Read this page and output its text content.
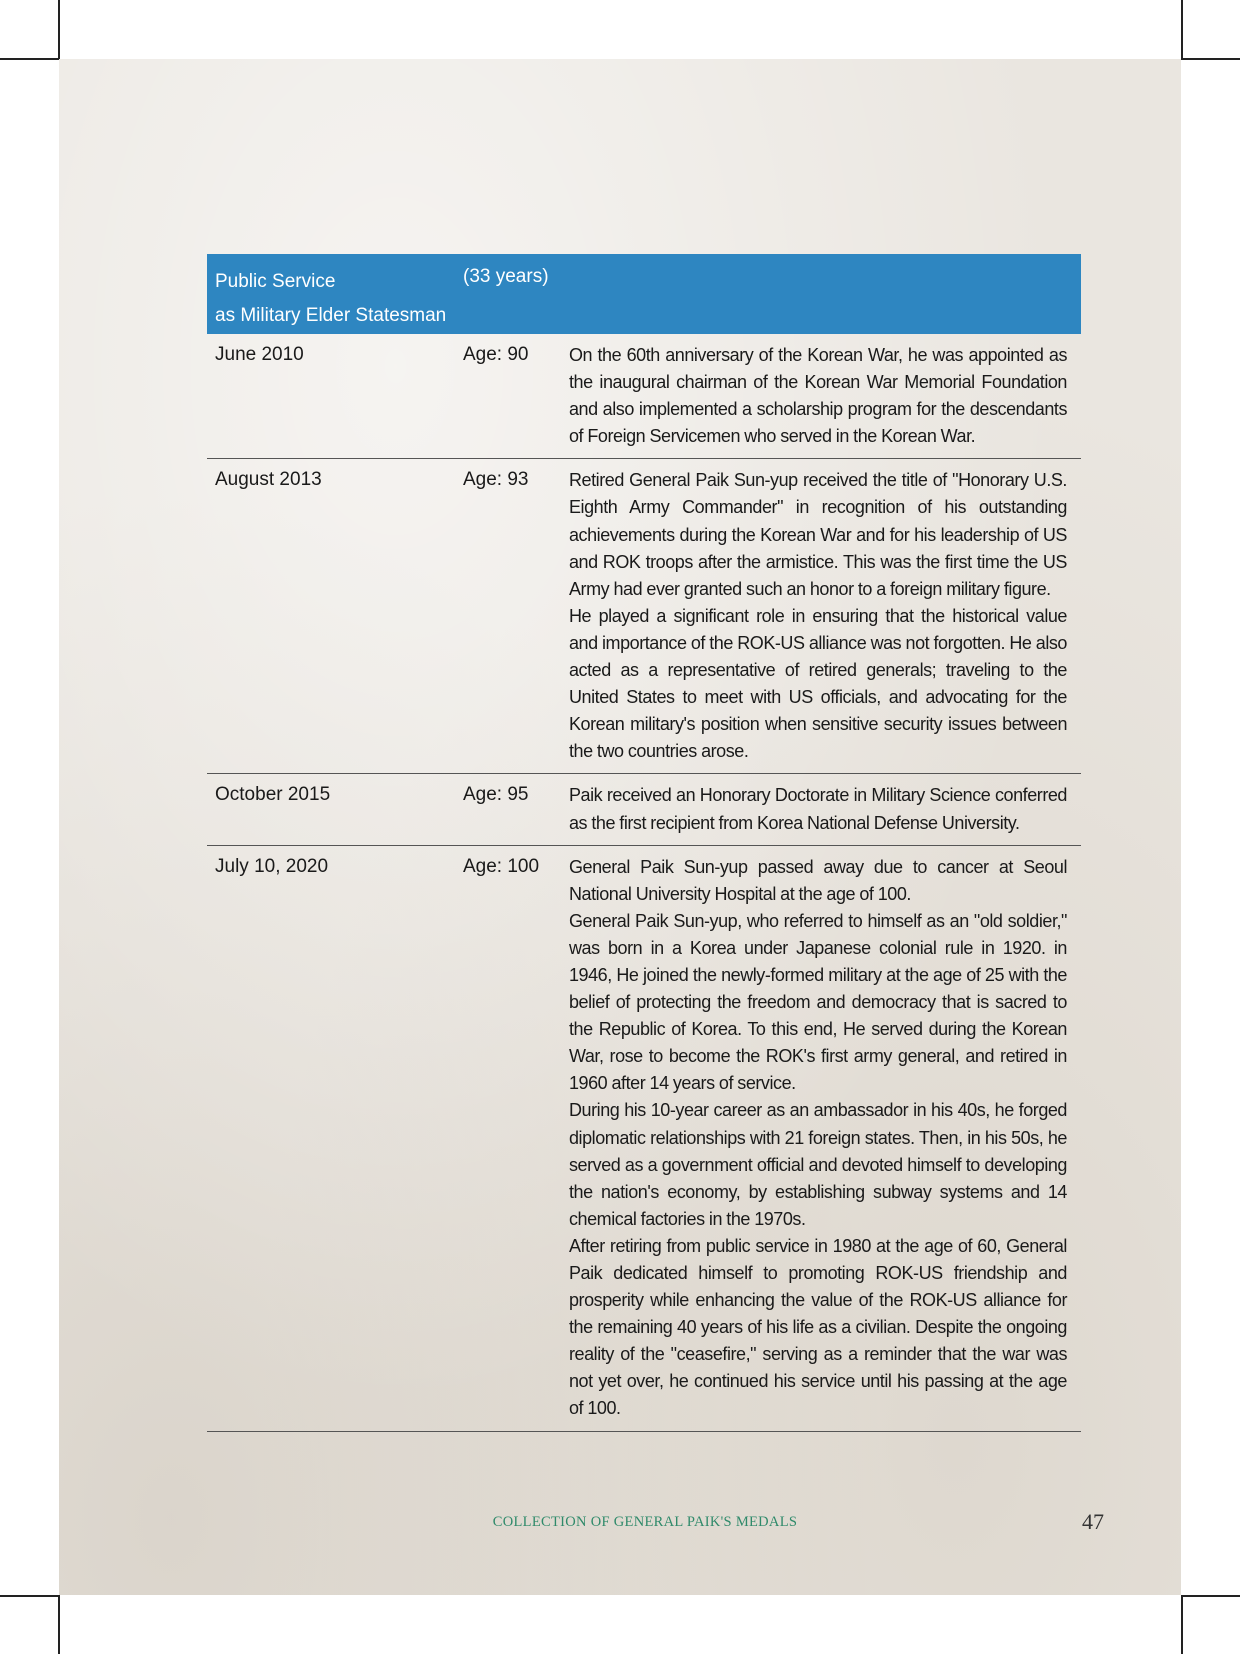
Public Service
as Military Elder Statesman
(33 years)
June 2010	Age: 90	On the 60th anniversary of the Korean War, he was appointed as the inaugural chairman of the Korean War Memorial Foundation and also implemented a scholarship program for the descendants of Foreign Servicemen who served in the Korean War.

August 2013	Age: 93	Retired General Paik Sun-yup received the title of "Honorary U.S. Eighth Army Commander" in recognition of his outstanding achievements during the Korean War and for his leadership of US and ROK troops after the armistice. This was the first time the US Army had ever granted such an honor to a foreign military figure.

He played a significant role in ensuring that the historical value and importance of the ROK-US alliance was not forgotten. He also acted as a representative of retired generals; traveling to the United States to meet with US officials, and advocating for the Korean military's position when sensitive security issues between the two countries arose.

October 2015	Age: 95	Paik received an Honorary Doctorate in Military Science conferred as the first recipient from Korea National Defense University.

July 10, 2020	Age: 100	General Paik Sun-yup passed away due to cancer at Seoul National University Hospital at the age of 100.

General Paik Sun-yup, who referred to himself as an "old soldier," was born in a Korea under Japanese colonial rule in 1920. in 1946, He joined the newly-formed military at the age of 25 with the belief of protecting the freedom and democracy that is sacred to the Republic of Korea. To this end, He served during the Korean War, rose to become the ROK's first army general, and retired in 1960 after 14 years of service.

During his 10-year career as an ambassador in his 40s, he forged diplomatic relationships with 21 foreign states. Then, in his 50s, he served as a government official and devoted himself to developing the nation's economy, by establishing subway systems and 14 chemical factories in the 1970s.

After retiring from public service in 1980 at the age of 60, General Paik dedicated himself to promoting ROK-US friendship and prosperity while enhancing the value of the ROK-US alliance for the remaining 40 years of his life as a civilian. Despite the ongoing reality of the "ceasefire," serving as a reminder that the war was not yet over, he continued his service until his passing at the age of 100.

COLLECTION OF GENERAL PAIK'S MEDALS	47
